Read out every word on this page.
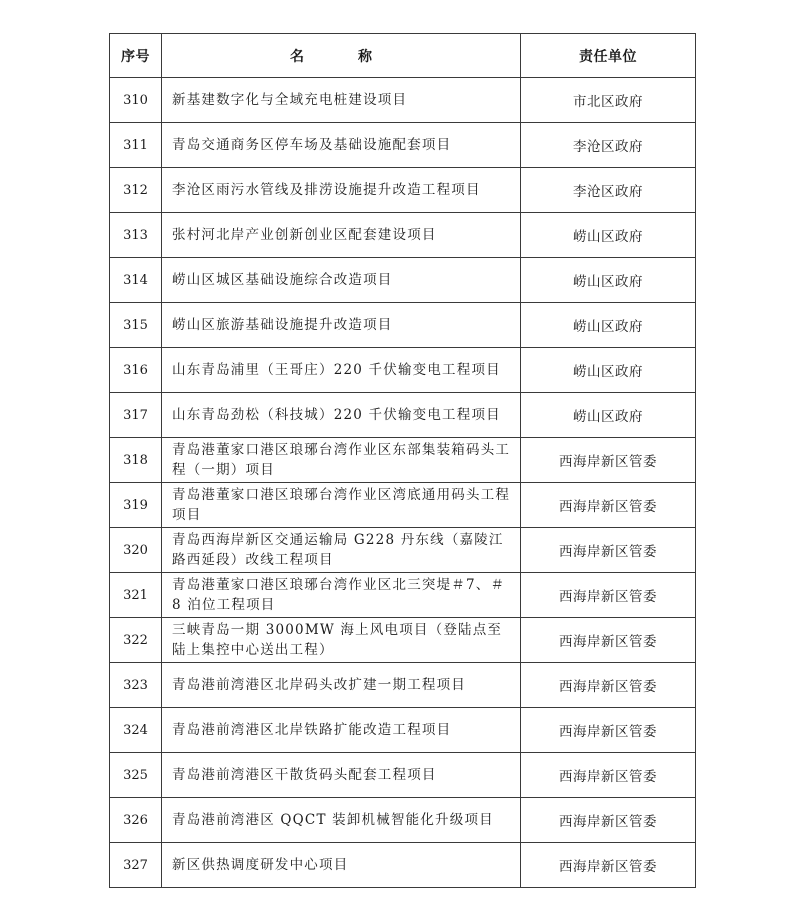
序号	名　称	责任单位
310	新基建数字化与全域充电桩建设项目	市北区政府
311	青岛交通商务区停车场及基础设施配套项目	李沧区政府
312	李沧区雨污水管线及排涝设施提升改造工程项目	李沧区政府
313	张村河北岸产业创新创业区配套建设项目	崂山区政府
314	崂山区城区基础设施综合改造项目	崂山区政府
315	崂山区旅游基础设施提升改造项目	崂山区政府
316	山东青岛浦里（王哥庄）220 千伏输变电工程项目	崂山区政府
317	山东青岛劲松（科技城）220 千伏输变电工程项目	崂山区政府
318	青岛港董家口港区琅琊台湾作业区东部集装箱码头工程（一期）项目	西海岸新区管委
319	青岛港董家口港区琅琊台湾作业区湾底通用码头工程项目	西海岸新区管委
320	青岛西海岸新区交通运输局 G228 丹东线（嘉陵江路西延段）改线工程项目	西海岸新区管委
321	青岛港董家口港区琅琊台湾作业区北三突堤＃7、＃8 泊位工程项目	西海岸新区管委
322	三峡青岛一期 3000MW 海上风电项目（登陆点至陆上集控中心送出工程）	西海岸新区管委
323	青岛港前湾港区北岸码头改扩建一期工程项目	西海岸新区管委
324	青岛港前湾港区北岸铁路扩能改造工程项目	西海岸新区管委
325	青岛港前湾港区干散货码头配套工程项目	西海岸新区管委
326	青岛港前湾港区 QQCT 装卸机械智能化升级项目	西海岸新区管委
327	新区供热调度研发中心项目	西海岸新区管委
